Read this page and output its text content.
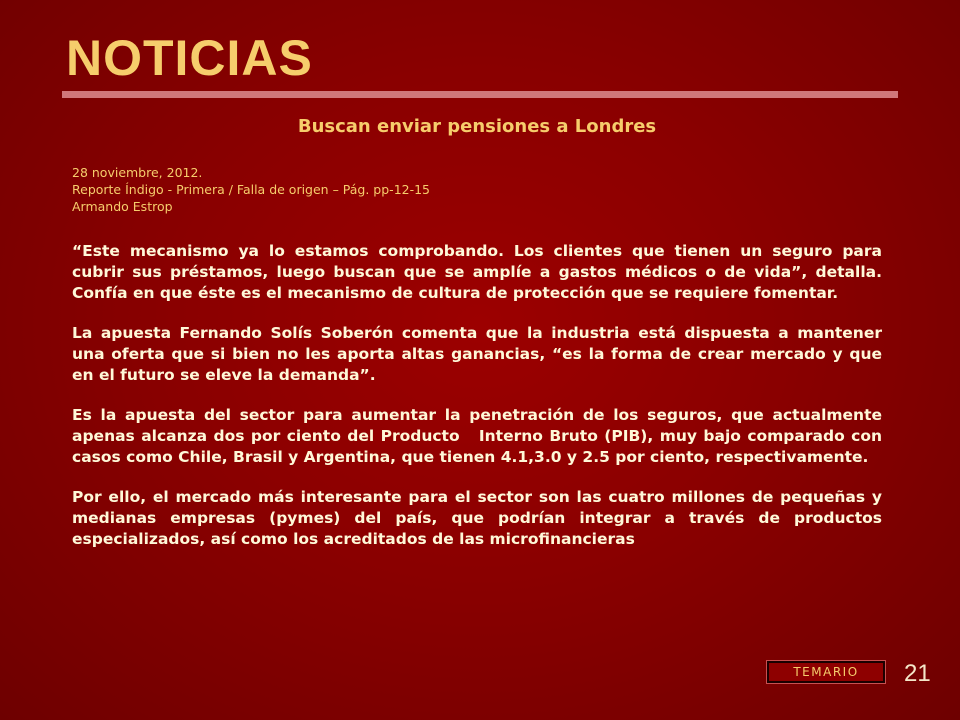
NOTICIAS
Buscan enviar pensiones a Londres
28 noviembre, 2012.
Reporte Índigo - Primera / Falla de origen – Pág. pp-12-15
Armando Estrop

“Este mecanismo ya lo estamos comprobando. Los clientes que tienen un seguro para cubrir sus préstamos, luego buscan que se amplíe a gastos médicos o de vida”, detalla. Confía en que éste es el mecanismo de cultura de protección que se requiere fomentar.

La apuesta Fernando Solís Soberón comenta que la industria está dispuesta a mantener una oferta que si bien no les aporta altas ganancias, “es la forma de crear mercado y que en el futuro se eleve la demanda”.

Es la apuesta del sector para aumentar la penetración de los seguros, que actualmente apenas alcanza dos por ciento del Producto   Interno Bruto (PIB), muy bajo comparado con casos como Chile, Brasil y Argentina, que tienen 4.1,3.0 y 2.5 por ciento, respectivamente.

Por ello, el mercado más interesante para el sector son las cuatro millones de pequeñas y medianas empresas (pymes) del país, que podrían integrar a través de productos especializados, así como los acreditados de las microfinancieras

TEMARIO	21
